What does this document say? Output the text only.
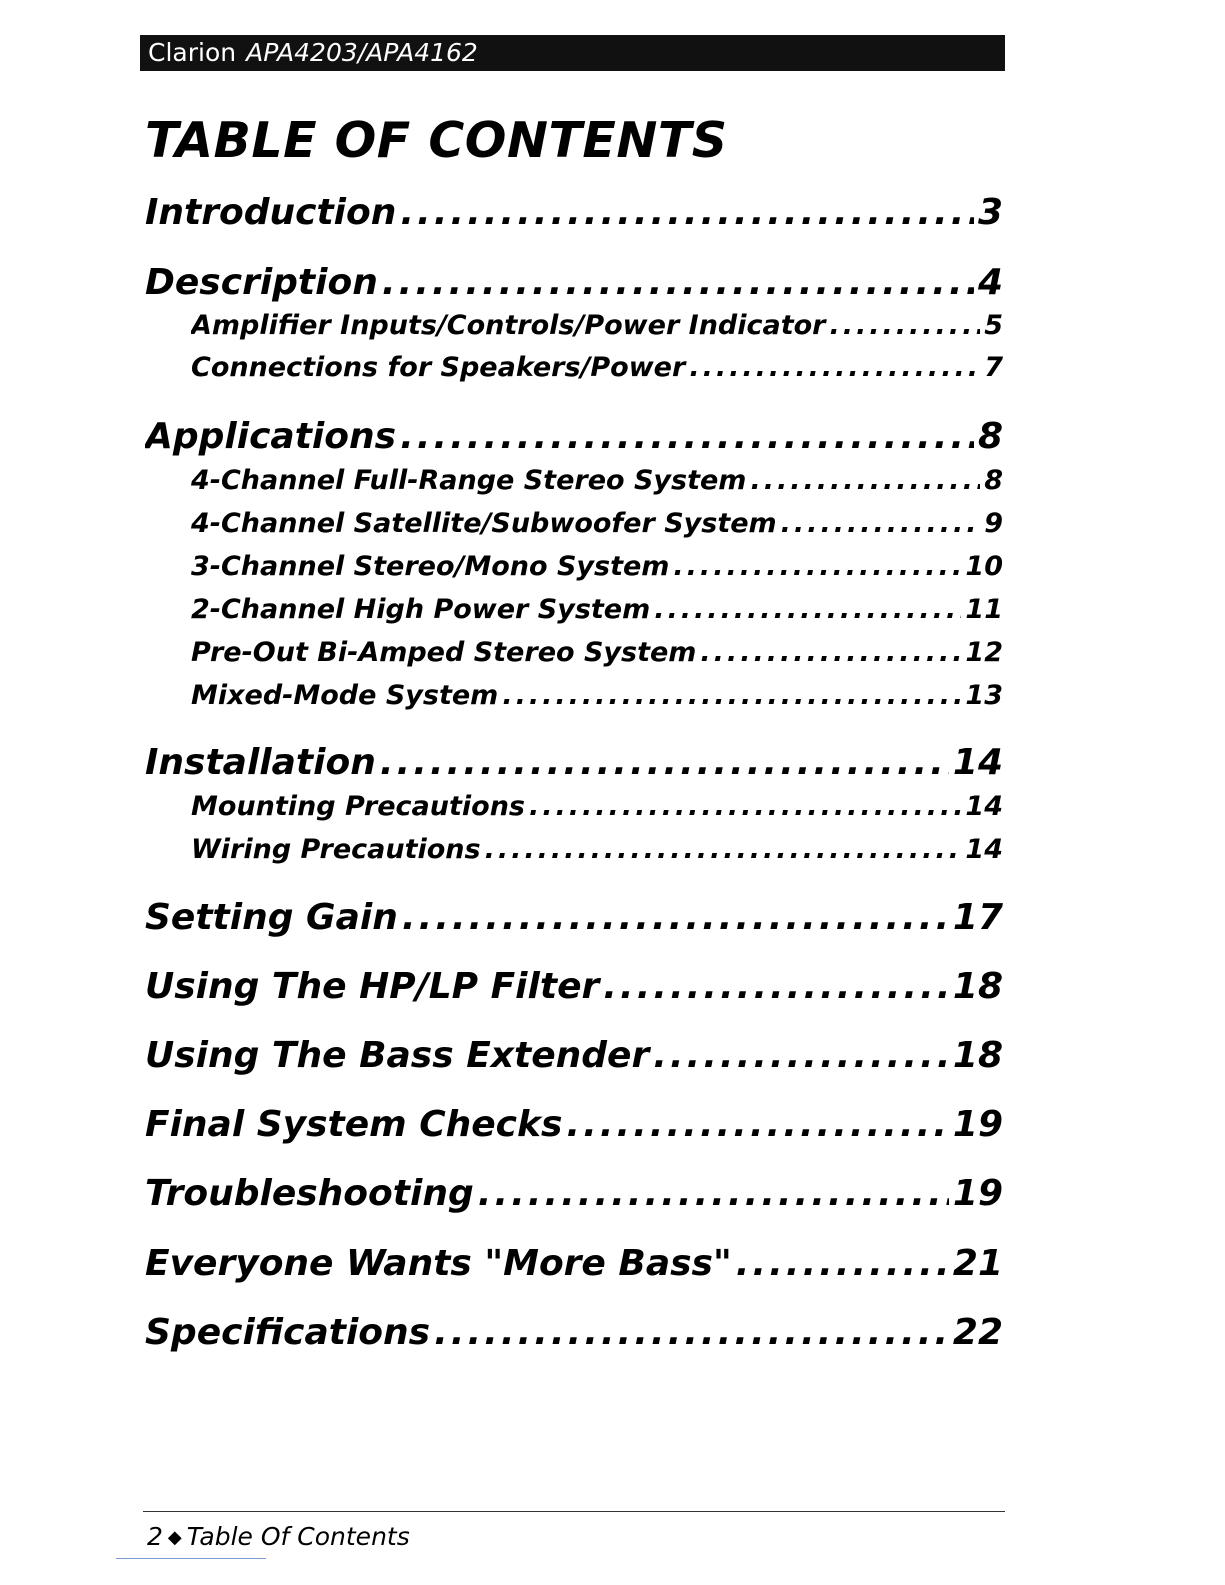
Clarion APA4203/APA4162
TABLE OF CONTENTS
Introduction .....	3
Description .....	4
Amplifier Inputs/Controls/Power Indicator .....	5
Connections for Speakers/Power .....	7
Applications .....	8
4-Channel Full-Range Stereo System .....	8
4-Channel Satellite/Subwoofer System .....	9
3-Channel Stereo/Mono System .....	10
2-Channel High Power System .....	11
Pre-Out Bi-Amped Stereo System .....	12
Mixed-Mode System .....	13
Installation .....	14
Mounting Precautions .....	14
Wiring Precautions .....	14
Setting Gain .....	17
Using The HP/LP Filter .....	18
Using The Bass Extender .....	18
Final System Checks .....	19
Troubleshooting .....	19
Everyone Wants "More Bass" .....	21
Specifications .....	22
2 ◆ Table Of Contents
